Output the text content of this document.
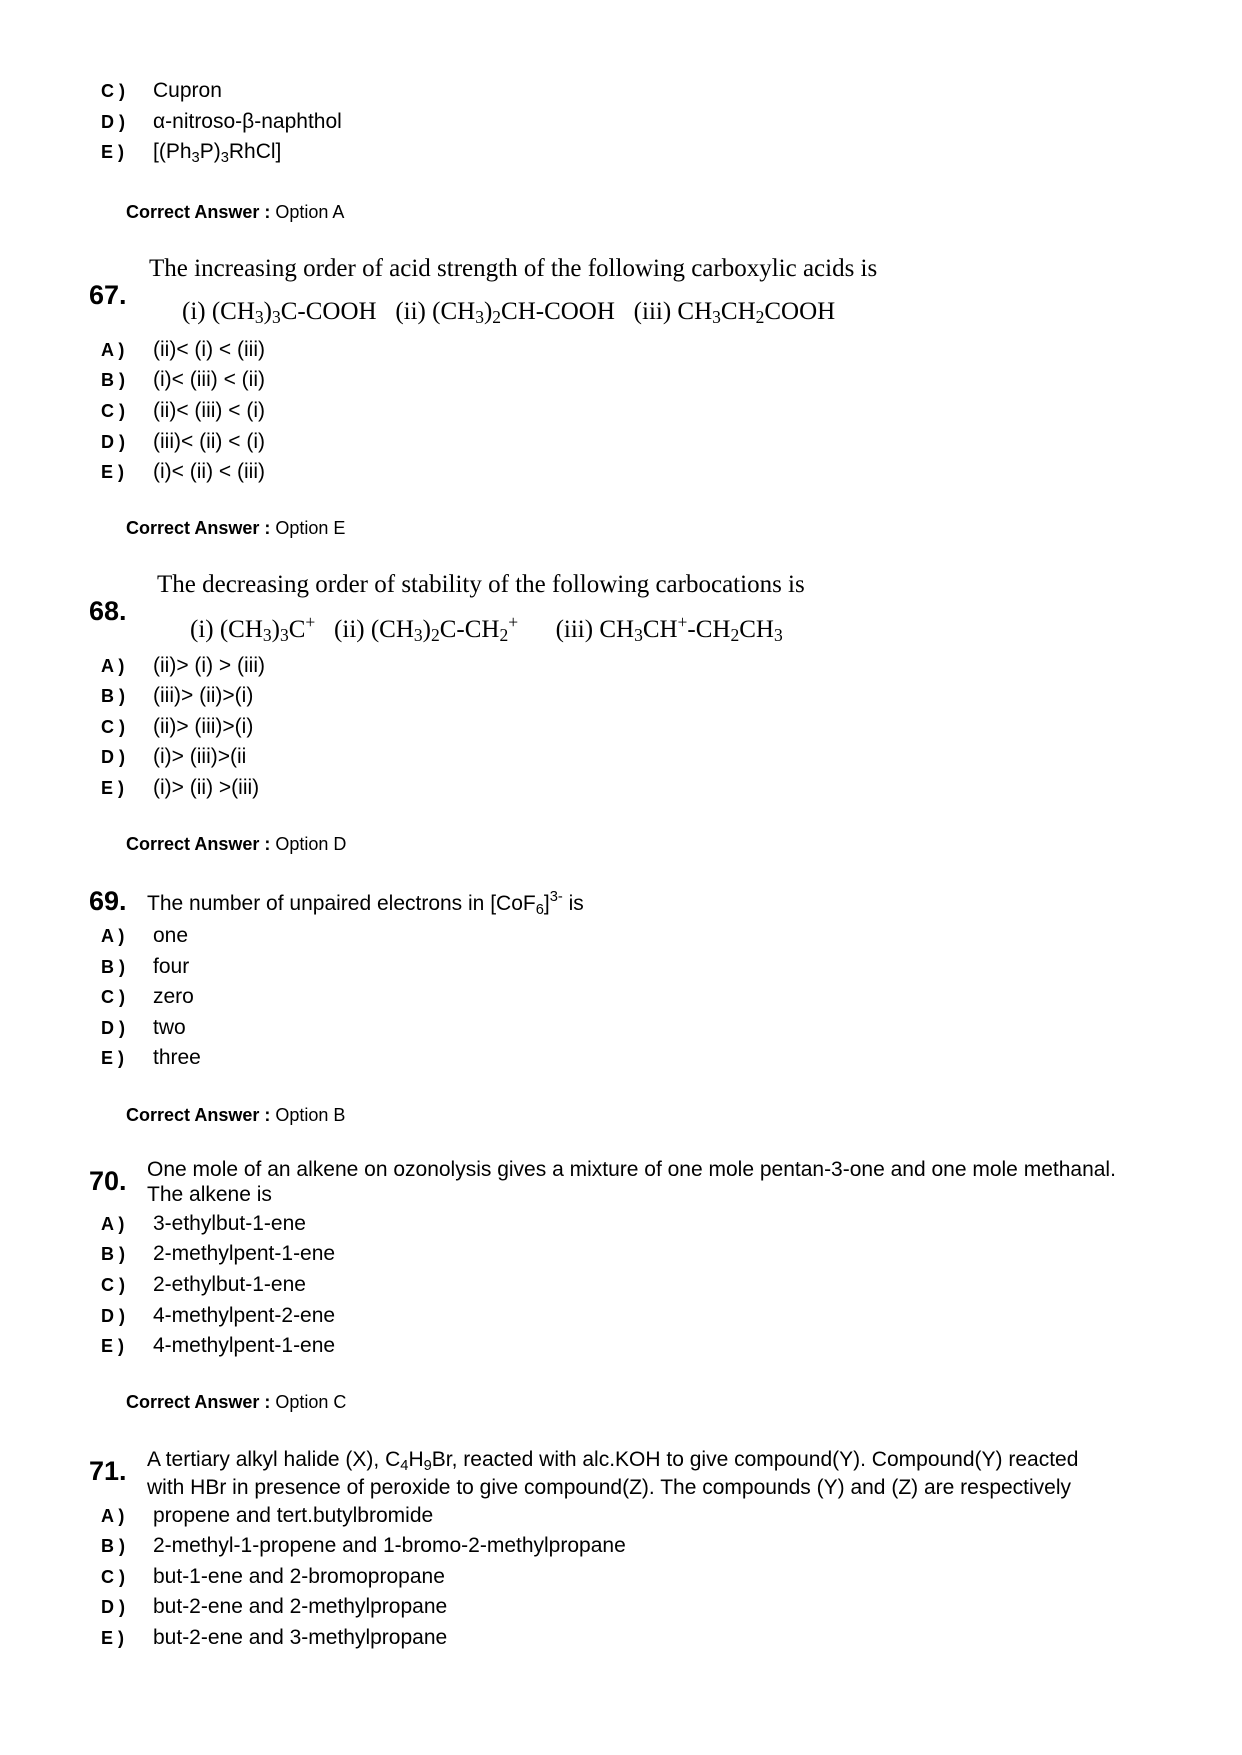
C ) Cupron
D ) α-nitroso-β-naphthol
E ) $[(Ph_3P)_3RhCl]$
Correct Answer : Option A
67.
The increasing order of acid strength of the following carboxylic acids is
(i) $(CH_3)_3C$-COOH (ii) $(CH_3)_2CH$-COOH (iii) $CH_3CH_2COOH$
A ) (ii)< (i) < (iii)
B ) (i)< (iii) < (ii)
C ) (ii)< (iii) < (i)
D ) (iii)< (ii) < (i)
E ) (i)< (ii) < (iii)
Correct Answer : Option E
68.
The decreasing order of stability of the following carbocations is
(i) $(CH_3)_3C^+$ (ii) $(CH_3)_2C-CH_2^+$ (iii) $CH_3CH^+-CH_2CH_3$
A ) (ii)> (i) > (iii)
B ) (iii)> (ii)>(i)
C ) (ii)> (iii)>(i)
D ) (i)> (iii)>(ii
E ) (i)> (ii) >(iii)
Correct Answer : Option D
69. The number of unpaired electrons in $[CoF_6]^{3-}$ is
A ) one
B ) four
C ) zero
D ) two
E ) three
Correct Answer : Option B
70. One mole of an alkene on ozonolysis gives a mixture of one mole pentan-3-one and one mole methanal.
The alkene is
A ) 3-ethylbut-1-ene
B ) 2-methylpent-1-ene
C ) 2-ethylbut-1-ene
D ) 4-methylpent-2-ene
E ) 4-methylpent-1-ene
Correct Answer : Option C
71. A tertiary alkyl halide (X), $C_4H_9Br$, reacted with alc.KOH to give compound(Y). Compound(Y) reacted
with HBr in presence of peroxide to give compound(Z). The compounds (Y) and (Z) are respectively
A ) propene and tert.butylbromide
B ) 2-methyl-1-propene and 1-bromo-2-methylpropane
C ) but-1-ene and 2-bromopropane
D ) but-2-ene and 2-methylpropane
E ) but-2-ene and 3-methylpropane
